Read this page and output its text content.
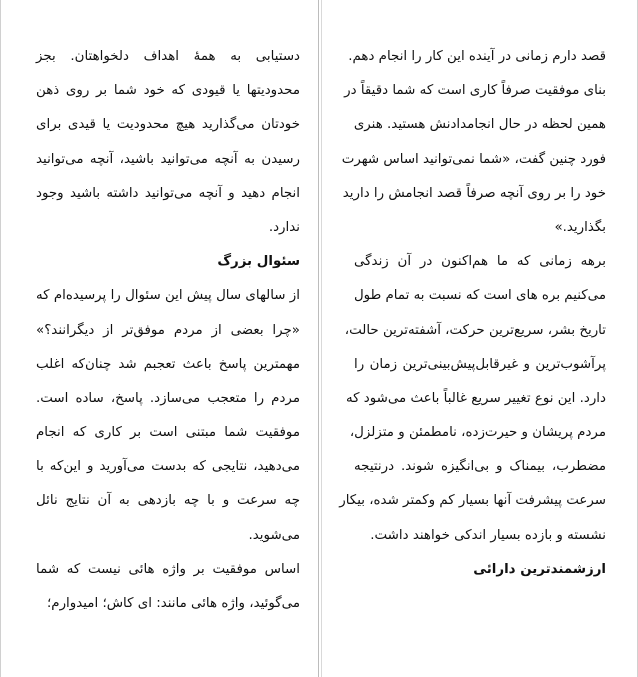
قصد دارم زمانی در آینده این کار را انجام دهم.
بنای موفقیت صرفاً کاری است که شما دقیقاً در
همین لحظه در حال انجامدادنش هستید. هنری
فورد چنین گفت، «شما نمی‌توانید اساس شهرت
خود را بر روی آنچه صرفاً قصد انجامش را دارید
بگذارید.»
برهه زمانی که ما هم‌اکنون در آن زندگی
می‌کنیم بره های است که نسبت به تمام طول
تاریخ بشر، سریع‌ترین حرکت، آشفته‌ترین حالت،
پرآشوب‌ترین و غیرقابل‌پیش‌بینی‌ترین زمان را
دارد. این نوع تغییر سریع غالباً باعث می‌شود که
مردم پریشان و حیرت‌زده، نامطمئن و متزلزل،
مضطرب، بیمناک و بی‌انگیزه شوند. درنتیجه
سرعت پیشرفت آنها بسیار کم وکمتر شده، بیکار
نشسته و بازده بسیار اندکی خواهند داشت.
ارزشمندترین دارائی
دستیابی به همهٔ اهداف دلخواهتان. بجز
محدودیتها یا قیودی که خود شما بر روی ذهن
خودتان می‌گذارید هیچ محدودیت یا قیدی برای
رسیدن به آنچه می‌توانید باشید، آنچه می‌توانید
انجام دهید و آنچه می‌توانید داشته باشید وجود
ندارد.
سئوال بزرگ
از سالهای سال پیش این سئوال را پرسیده‌ام که
«چرا بعضی از مردم موفق‌تر از دیگرانند؟»
مهمترین پاسخ باعث تعجبم شد چنان‌که اغلب
مردم را متعجب می‌سازد. پاسخ، ساده است.
موفقیت شما مبتنی است بر کاری که انجام
می‌دهید، نتایجی که بدست می‌آورید و این‌که با
چه سرعت و با چه بازدهی به آن نتایج نائل
می‌شوید.
اساس موفقیت بر واژه هائی نیست که شما
می‌گوئید، واژه هائی مانند: ای کاش؛ امیدوارم؛
